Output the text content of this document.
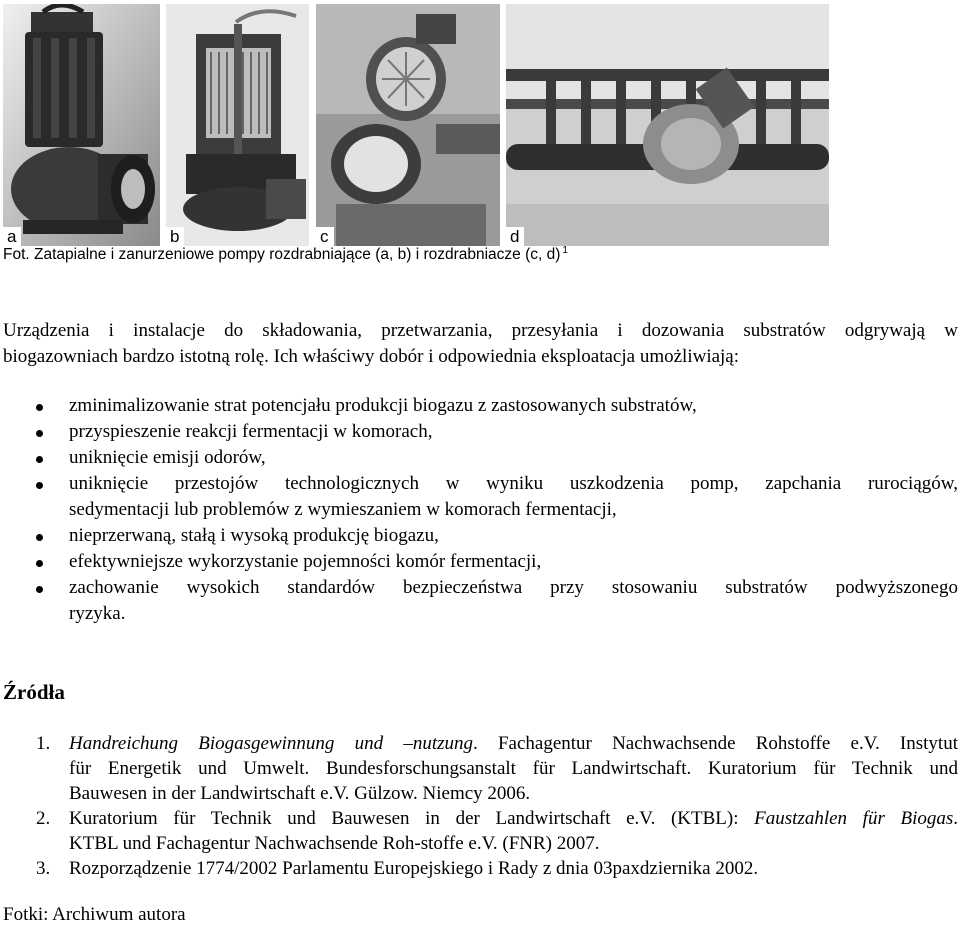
a	b	c	d
Fot. Zatapialne i zanurzeniowe pompy rozdrabniające (a, b) i rozdrabniacze (c, d) $^1$

Urządzenia i instalacje do składowania, przetwarzania, przesyłania i dozowania substratów odgrywają w
biogazowniach bardzo istotną rolę. Ich właściwy dobór i odpowiednia eksploatacja umożliwiają:

zminimalizowanie strat potencjału produkcji biogazu z zastosowanych substratów,
przyspieszenie reakcji fermentacji w komorach,
uniknięcie emisji odorów,
uniknięcie przestojów technologicznych w wyniku uszkodzenia pomp, zapchania rurociągów,
sedymentacji lub problemów z wymieszaniem w komorach fermentacji,
nieprzerwaną, stałą i wysoką produkcję biogazu,
efektywniejsze wykorzystanie pojemności komór fermentacji,
zachowanie wysokich standardów bezpieczeństwa przy stosowaniu substratów podwyższonego
ryzyka.
Źródła
1. Handreichung Biogasgewinnung und –nutzung. Fachagentur Nachwachsende Rohstoffe e.V. Instytut
für Energetik und Umwelt. Bundesforschungsanstalt für Landwirtschaft. Kuratorium für Technik und
Bauwesen in der Landwirtschaft e.V. Gülzow. Niemcy 2006.
2. Kuratorium für Technik und Bauwesen in der Landwirtschaft e.V. (KTBL): Faustzahlen für Biogas.
KTBL und Fachagentur Nachwachsende Roh-stoffe e.V. (FNR) 2007.
3. Rozporządzenie 1774/2002 Parlamentu Europejskiego i Rady z dnia 03paxdziernika 2002.
Fotki: Archiwum autora
